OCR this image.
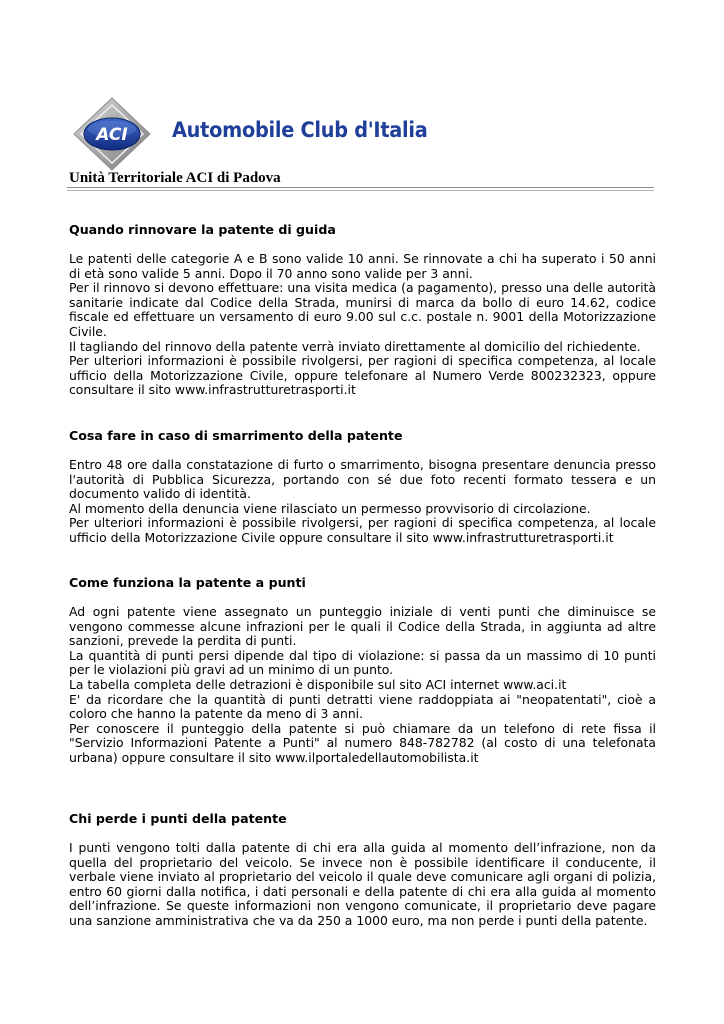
ACI Automobile Club d'Italia
Unità Territoriale ACI di Padova
Quando rinnovare la patente di guida

Le patenti delle categorie A e B sono valide 10 anni. Se rinnovate a chi ha superato i 50 anni di età sono valide 5 anni. Dopo il 70 anno sono valide per 3 anni.

Per il rinnovo si devono effettuare: una visita medica (a pagamento), presso una delle autorità sanitarie indicate dal Codice della Strada, munirsi di marca da bollo di euro 14.62, codice fiscale ed effettuare un versamento di euro 9.00 sul c.c. postale n. 9001 della Motorizzazione Civile.

Il tagliando del rinnovo della patente verrà inviato direttamente al domicilio del richiedente.

Per ulteriori informazioni è possibile rivolgersi, per ragioni di specifica competenza, al locale ufficio della Motorizzazione Civile, oppure telefonare al Numero Verde 800232323, oppure consultare il sito www.infrastrutturetrasporti.it

Cosa fare in caso di smarrimento della patente

Entro 48 ore dalla constatazione di furto o smarrimento, bisogna presentare denuncia presso l'autorità di Pubblica Sicurezza, portando con sé due foto recenti formato tessera e un documento valido di identità.

Al momento della denuncia viene rilasciato un permesso provvisorio di circolazione.

Per ulteriori informazioni è possibile rivolgersi, per ragioni di specifica competenza, al locale ufficio della Motorizzazione Civile oppure consultare il sito www.infrastrutturetrasporti.it

Come funziona la patente a punti

Ad ogni patente viene assegnato un punteggio iniziale di venti punti che diminuisce se vengono commesse alcune infrazioni per le quali il Codice della Strada, in aggiunta ad altre sanzioni, prevede la perdita di punti.

La quantità di punti persi dipende dal tipo di violazione: si passa da un massimo di 10 punti per le violazioni più gravi ad un minimo di un punto.

La tabella completa delle detrazioni è disponibile sul sito ACI internet www.aci.it

E' da ricordare che la quantità di punti detratti viene raddoppiata ai "neopatentati", cioè a coloro che hanno la patente da meno di 3 anni.

Per conoscere il punteggio della patente si può chiamare da un telefono di rete fissa il "Servizio Informazioni Patente a Punti" al numero 848-782782 (al costo di una telefonata urbana) oppure consultare il sito www.ilportaledellautomobilista.it

Chi perde i punti della patente

I punti vengono tolti dalla patente di chi era alla guida al momento dell’infrazione, non da quella del proprietario del veicolo. Se invece non è possibile identificare il conducente, il verbale viene inviato al proprietario del veicolo il quale deve comunicare agli organi di polizia, entro 60 giorni dalla notifica, i dati personali e della patente di chi era alla guida al momento dell’infrazione. Se queste informazioni non vengono comunicate, il proprietario deve pagare una sanzione amministrativa che va da 250 a 1000 euro, ma non perde i punti della patente.
